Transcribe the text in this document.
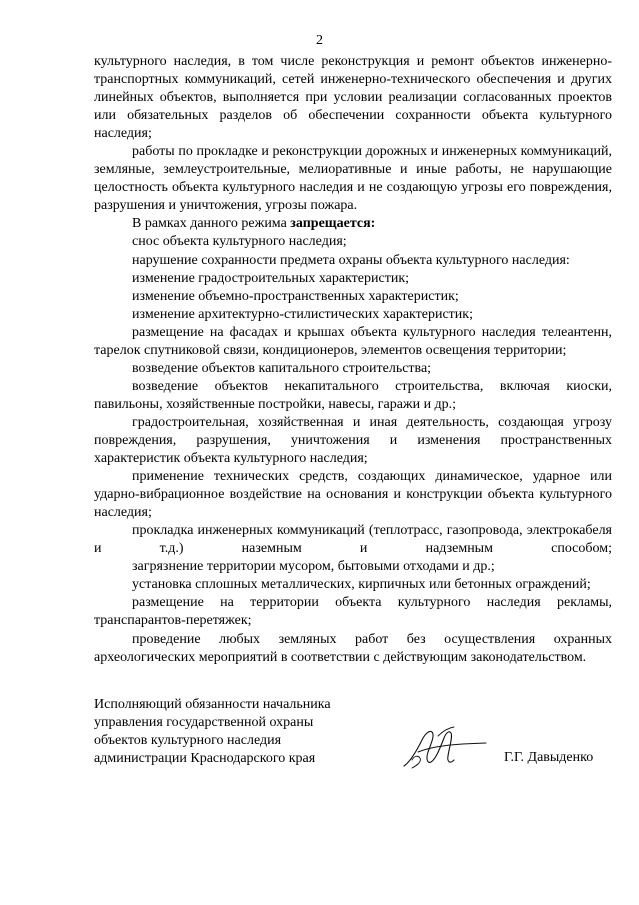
2

культурного наследия, в том числе реконструкция и ремонт объектов инженерно-транспортных коммуникаций, сетей инженерно-технического обеспечения и других линейных объектов, выполняется при условии реализации согласованных проектов или обязательных разделов об обеспечении сохранности объекта культурного наследия;

работы по прокладке и реконструкции дорожных и инженерных коммуникаций, земляные, землеустроительные, мелиоративные и иные работы, не нарушающие целостность объекта культурного наследия и не создающую угрозы его повреждения, разрушения и уничтожения, угрозы пожара.

В рамках данного режима запрещается:

снос объекта культурного наследия;

нарушение сохранности предмета охраны объекта культурного наследия:

изменение градостроительных характеристик;

изменение объемно-пространственных характеристик;

изменение архитектурно-стилистических характеристик;

размещение на фасадах и крышах объекта культурного наследия телеантенн, тарелок спутниковой связи, кондиционеров, элементов освещения территории;

возведение объектов капитального строительства;

возведение объектов некапитального строительства, включая киоски, павильоны, хозяйственные постройки, навесы, гаражи и др.;

градостроительная, хозяйственная и иная деятельность, создающая угрозу повреждения, разрушения, уничтожения и изменения пространственных характеристик объекта культурного наследия;

применение технических средств, создающих динамическое, ударное или ударно-вибрационное воздействие на основания и конструкции объекта культурного наследия;

прокладка инженерных коммуникаций (теплотрасс, газопровода, электрокабеля и т.д.) наземным и надземным способом;

загрязнение территории мусором, бытовыми отходами и др.;

установка сплошных металлических, кирпичных или бетонных ограждений;

размещение на территории объекта культурного наследия рекламы, транспарантов-перетяжек;

проведение любых земляных работ без осуществления охранных археологических мероприятий в соответствии с действующим законодательством.

Исполняющий обязанности начальника
управления государственной охраны
объектов культурного наследия
администрации Краснодарского края	Г.Г. Давыденко
